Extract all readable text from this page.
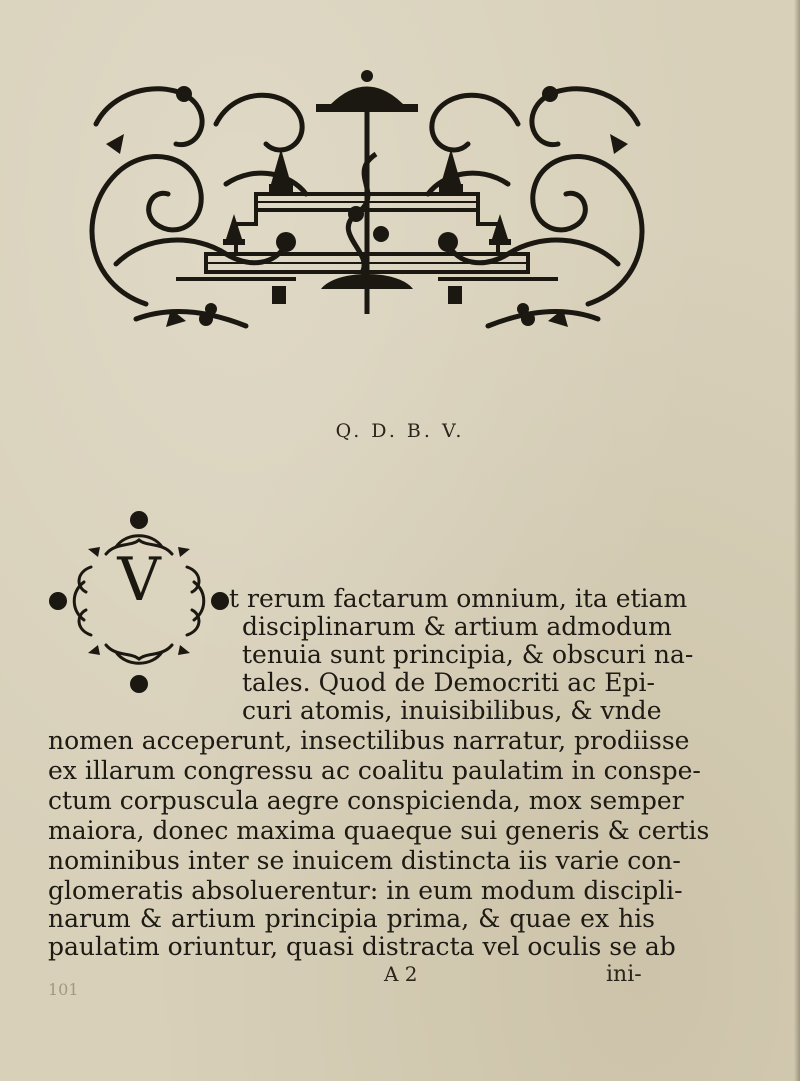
Q. D. B. V.
V	t rerum factarum omnium, ita etiam
disciplinarum & artium admodum
tenuia sunt principia, & obscuri na-
tales. Quod de Democriti ac Epi-
curi atomis, inuisibilibus, & vnde
nomen acceperunt, insectilibus narratur, prodiisse
ex illarum congressu ac coalitu paulatim in conspe-
ctum corpuscula aegre conspicienda, mox semper
maiora, donec maxima quaeque sui generis & certis
nominibus inter se inuicem distincta iis varie con-
glomeratis absoluerentur: in eum modum discipli-
narum & artium principia prima, & quae ex his
A 2	ini-
101
paulatim oriuntur, quasi distracta vel oculis se ab
